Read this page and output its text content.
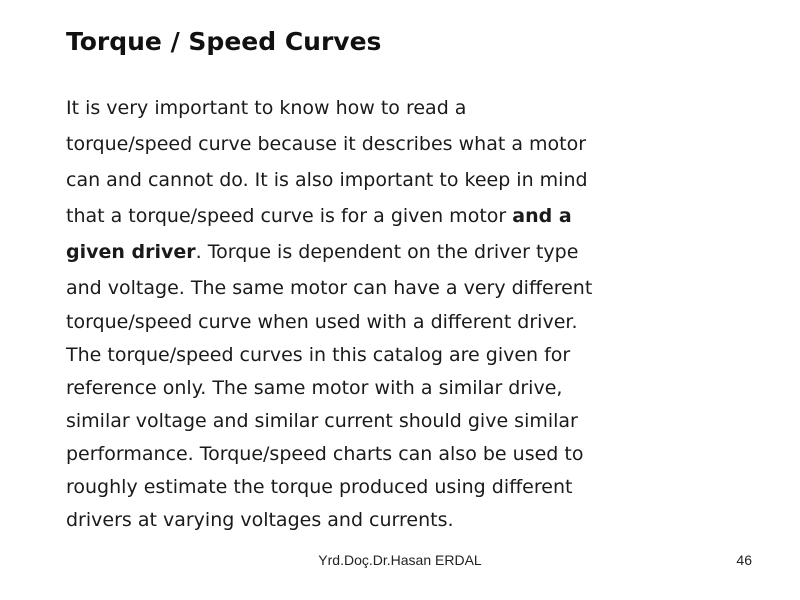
Torque / Speed Curves
It is very important to know how to read a
torque/speed curve because it describes what a motor
can and cannot do. It is also important to keep in mind
that a torque/speed curve is for a given motor and a
given driver. Torque is dependent on the driver type
and voltage. The same motor can have a very different
torque/speed curve when used with a different driver.
The torque/speed curves in this catalog are given for
reference only. The same motor with a similar drive,
similar voltage and similar current should give similar
performance. Torque/speed charts can also be used to
roughly estimate the torque produced using different
drivers at varying voltages and currents.
Yrd.Doç.Dr.Hasan ERDAL	46
